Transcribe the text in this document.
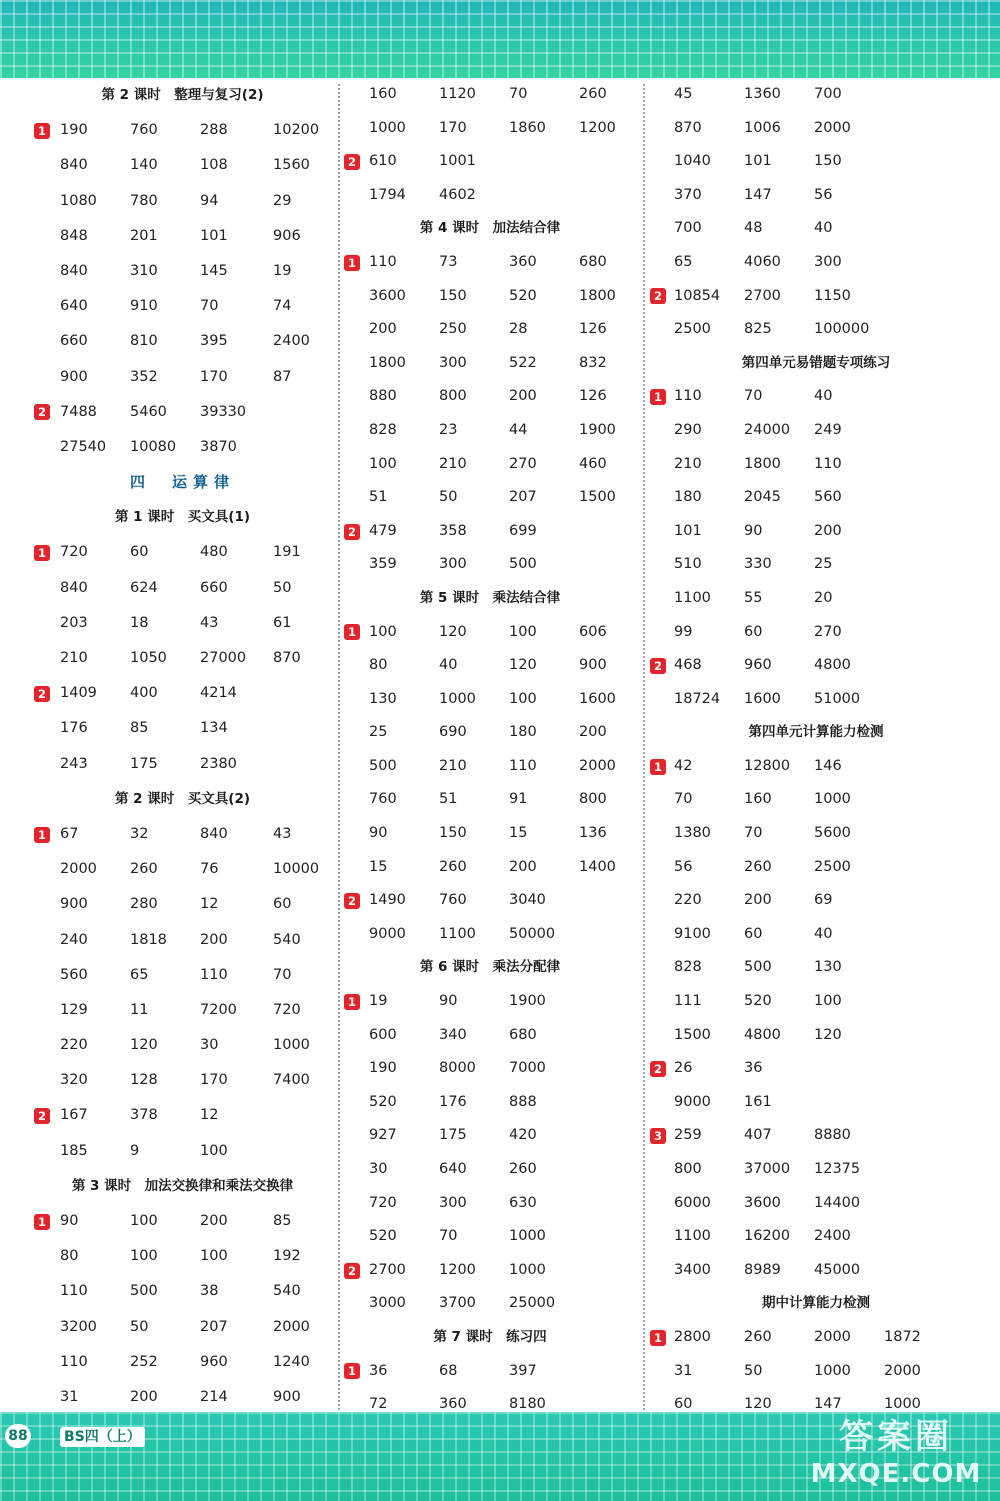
第 2 课时　整理与复习(2)
1 190	760	288	10200
840	140	108	1560
1080 780	94	29
848	201	101	906
840	310	145	19
640	910	70	74
660	810	395	2400
900	352	170	87
2 7488 5460 39330
27540 10080 3870
四　运算律
第 1 课时　买文具(1)
1 720	60	480	191
840	624	660	50
203	18	43	61
210	1050 27000 870
2 1409 400	4214
176	85	134
243	175	2380
第 2 课时　买文具(2)
1 67	32	840	43
2000 260	76	10000
900	280	12	60
240	1818 200	540
560	65	110	70
129	11	7200 720
220	120	30	1000
320	128	170	7400
2 167	378	12
185	9	100
第 3 课时　加法交换律和乘法交换律
1 90	100	200	85
80	100	100	192
110	500	38	540
3200 50	207	2000
110	252	960	1240
31	200	214	900
160	1120 70	260
1000 170	1860 1200
2 610	1001
1794 4602
第 4 课时　加法结合律
1 110	73	360	680
3600 150	520	1800
200	250	28	126
1800 300	522	832
880	800	200	126
828	23	44	1900
100	210	270	460
51	50	207	1500
2 479	358	699
359	300	500
第 5 课时　乘法结合律
1 100	120	100	606
80	40	120	900
130	1000 100	1600
25	690	180	200
500	210	110	2000
760	51	91	800
90	150	15	136
15	260	200	1400
2 1490 760	3040
9000 1100 50000
第 6 课时　乘法分配律
1 19	90	1900
600	340	680
190	8000 7000
520	176	888
927	175	420
30	640	260
720	300	630
520	70	1000
2 2700 1200 1000
3000 3700 25000
第 7 课时　练习四
1 36	68	397
72	360	8180
45	1360 700
870	1006 2000
1040 101	150
370	147	56
700	48	40
65	4060 300
2 10854 2700 1150
2500 825	100000
第四单元易错题专项练习
1 110	70	40
290	24000 249
210	1800 110
180	2045 560
101	90	200
510	330	25
1100 55	20
99	60	270
2 468	960	4800
18724 1600 51000
第四单元计算能力检测
1 42	12800 146
70	160	1000
1380 70	5600
56	260	2500
220	200	69
9100 60	40
828	500	130
111	520	100
1500 4800 120
2 26	36
9000 161
3 259	407	8880
800	37000 12375
6000 3600 14400
1100 16200 2400
3400 8989 45000
期中计算能力检测
1 2800 260	2000 1872
31	50	1000 2000
60	120	147	1000
88	BS四（上）	答案圈
MXQE.COM
